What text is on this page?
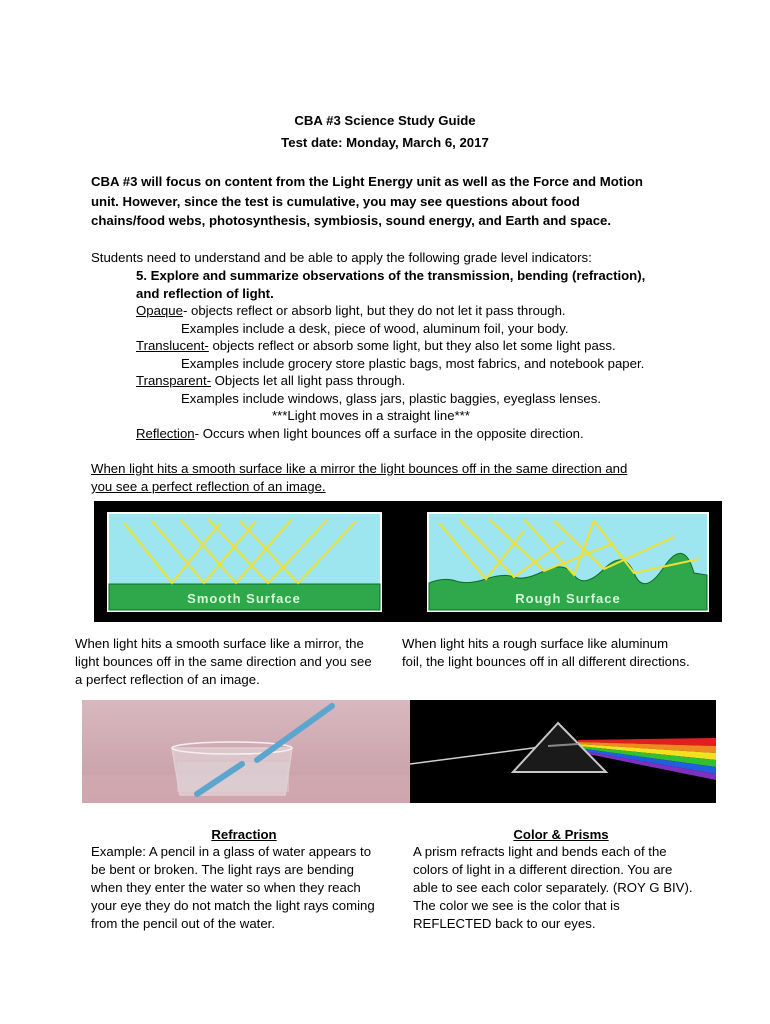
CBA #3 Science Study Guide
Test date: Monday, March 6, 2017
CBA #3 will focus on content from the Light Energy unit as well as the Force and Motion
unit. However, since the test is cumulative, you may see questions about food
chains/food webs, photosynthesis, symbiosis, sound energy, and Earth and space.
Students need to understand and be able to apply the following grade level indicators:
5. Explore and summarize observations of the transmission, bending (refraction),
and reflection of light.
Opaque- objects reflect or absorb light, but they do not let it pass through.
Examples include a desk, piece of wood, aluminum foil, your body.
Translucent- objects reflect or absorb some light, but they also let some light pass.
Examples include grocery store plastic bags, most fabrics, and notebook paper.
Transparent- Objects let all light pass through.
Examples include windows, glass jars, plastic baggies, eyeglass lenses.
***Light moves in a straight line***
Reflection- Occurs when light bounces off a surface in the opposite direction.
When light hits a smooth surface like a mirror the light bounces off in the same direction and
you see a perfect reflection of an image.
Smooth Surface	Rough Surface
When light hits a smooth surface like a mirror, the
light bounces off in the same direction and you see
a perfect reflection of an image.
When light hits a rough surface like aluminum
foil, the light bounces off in all different directions.
Refraction
Example: A pencil in a glass of water appears to
be bent or broken. The light rays are bending
when they enter the water so when they reach
your eye they do not match the light rays coming
from the pencil out of the water.
Color & Prisms
A prism refracts light and bends each of the
colors of light in a different direction. You are
able to see each color separately. (ROY G BIV).
The color we see is the color that is
REFLECTED back to our eyes.
